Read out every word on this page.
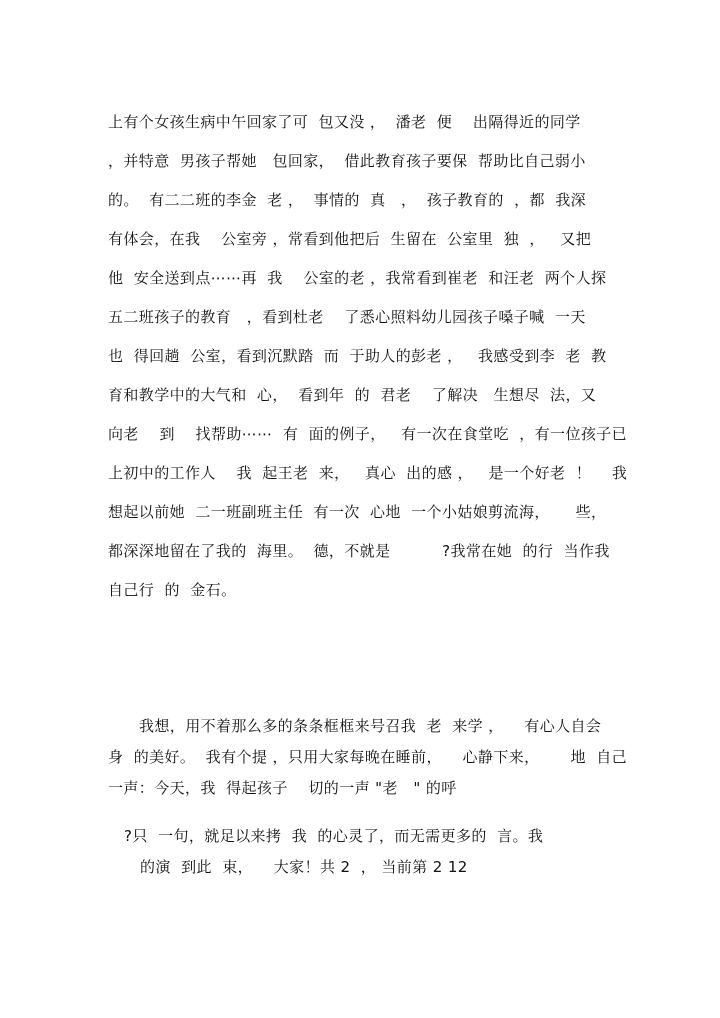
上有个女孩生病中午回家了可  包又没 ，  潘老  便    出隔得近的同学
，并特意  男孩子帮她   包回家，  借此教育孩子要保  帮助比自己弱小
的。  有二二班的李金  老 ，  事情的  真   ，  孩子教育的  ，都  我深
有体会，在我    公室旁 ，常看到他把后  生留在  公室里  独  ，   又把
他  安全送到点⋯⋯再  我    公室的老 ，我常看到崔老  和汪老  两个人探
五二班孩子的教育   ，看到杜老    了悉心照料幼儿园孩子嗓子喊  一天
也  得回趟  公室，看到沉默踏  而  于助人的彭老 ，   我感受到李  老  教
育和教学中的大气和  心，  看到年  的  君老    了解决   生想尽  法，又
向老    到    找帮助⋯⋯  有  面的例子，   有一次在食堂吃  ，有一位孩子已
上初中的工作人    我  起王老  来，   真心  出的感 ，   是一个好老  ！    我
想起以前她  二一班副班主任  有一次  心地  一个小姑娘剪流海，     些，
都深深地留在了我的  海里。  德，不就是          ?我常在她  的行  当作我
自己行  的  金石。
我想，用不着那么多的条条框框来号召我  老  来学 ，    有心人自会
身  的美好。  我有个提 ，只用大家每晚在睡前，    心静下来，      地  自己
一声：今天，我  得起孩子    切的一声 "老   " 的呼
?只  一句，就足以来拷  我  的心灵了，而无需更多的  言。我
的演  到此  束，    大家！共 2  ， 当前第 2 12
